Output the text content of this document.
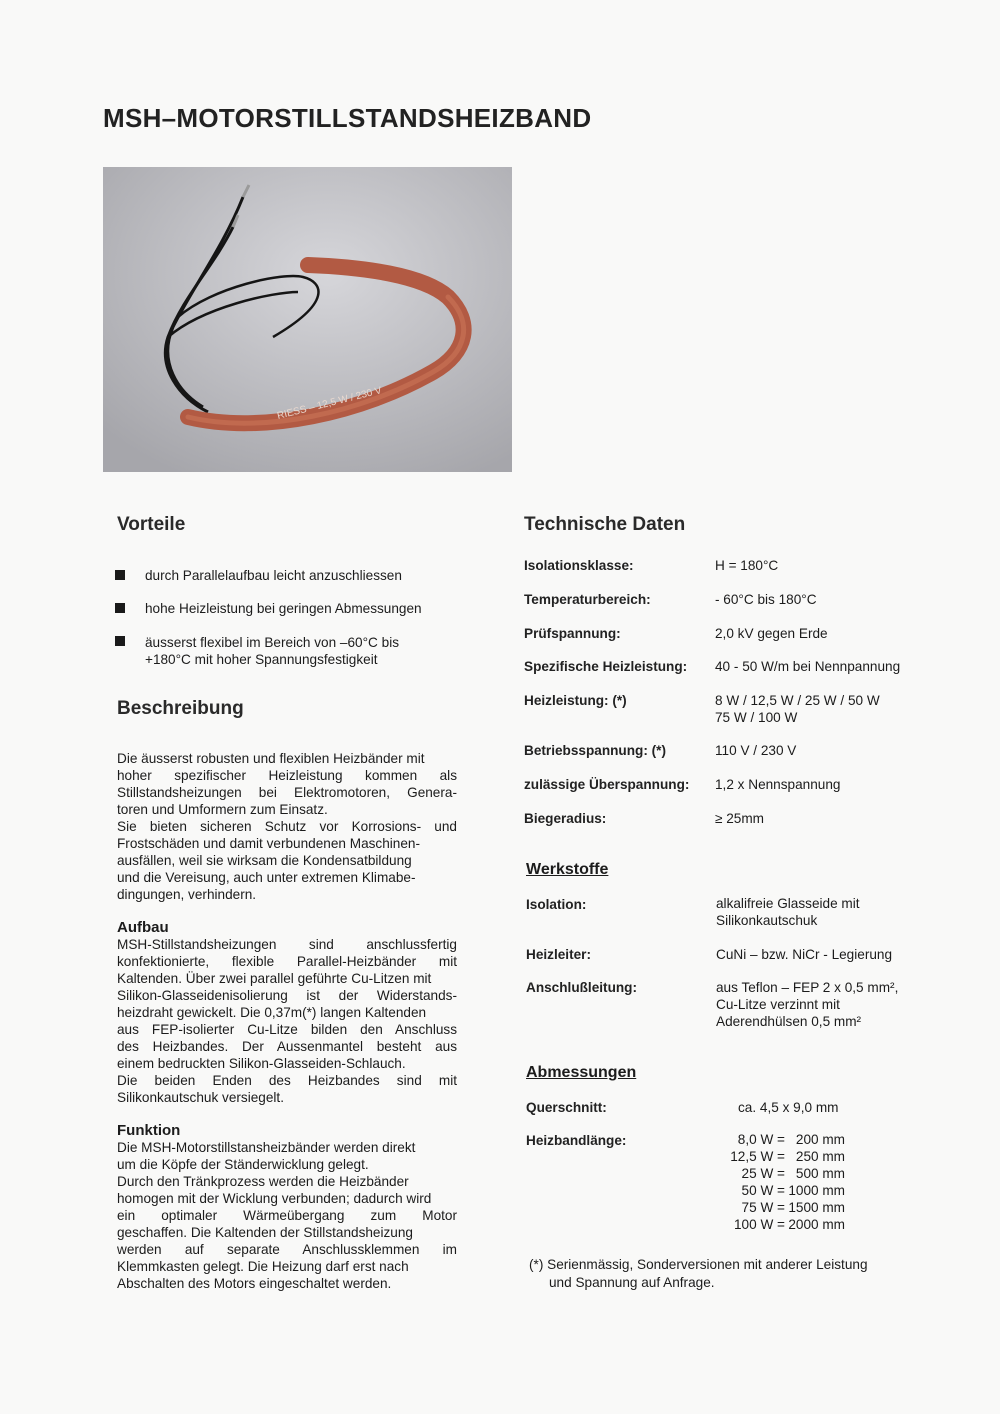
MSH–MOTORSTILLSTANDSHEIZBAND
RIESS – 12,5 W / 230 V
Vorteile
durch Parallelaufbau leicht anzuschliessen
hohe Heizleistung bei geringen Abmessungen
äusserst flexibel im Bereich von –60°C bis
+180°C mit hoher Spannungsfestigkeit
Beschreibung
Die äusserst robusten und flexiblen Heizbänder mit
hoher spezifischer Heizleistung kommen als
Stillstandsheizungen bei Elektromotoren, Genera-
toren und Umformern zum Einsatz.
Sie bieten sicheren Schutz vor Korrosions- und
Frostschäden und damit verbundenen Maschinen-
ausfällen, weil sie wirksam die Kondensatbildung
und die Vereisung, auch unter extremen Klimabe-
dingungen, verhindern.
Aufbau
MSH-Stillstandsheizungen sind anschlussfertig
konfektionierte, flexible Parallel-Heizbänder mit
Kaltenden. Über zwei parallel geführte Cu-Litzen mit
Silikon-Glasseidenisolierung ist der Widerstands-
heizdraht gewickelt. Die 0,37m(*) langen Kaltenden
aus FEP-isolierter Cu-Litze bilden den Anschluss
des Heizbandes. Der Aussenmantel besteht aus
einem bedruckten Silikon-Glasseiden-Schlauch.
Die beiden Enden des Heizbandes sind mit
Silikonkautschuk versiegelt.
Funktion
Die MSH-Motorstillstansheizbänder werden direkt
um die Köpfe der Ständerwicklung gelegt.
Durch den Tränkprozess werden die Heizbänder
homogen mit der Wicklung verbunden; dadurch wird
ein optimaler Wärmeübergang zum Motor
geschaffen. Die Kaltenden der Stillstandsheizung
werden auf separate Anschlussklemmen im
Klemmkasten gelegt. Die Heizung darf erst nach
Abschalten des Motors eingeschaltet werden.
Technische Daten
Isolationsklasse:	H = 180°C
Temperaturbereich:	- 60°C bis 180°C
Prüfspannung:	2,0 kV gegen Erde
Spezifische Heizleistung: 40 - 50 W/m bei Nennpannung
Heizleistung: (*)	8 W / 12,5 W / 25 W / 50 W
75 W / 100 W
Betriebsspannung: (*)	110 V / 230 V
zulässige Überspannung: 1,2 x Nennspannung
Biegeradius:	≥ 25mm
Werkstoffe
Isolation:	alkalifreie Glasseide mit
Silikonkautschuk
Heizleiter:	CuNi – bzw. NiCr - Legierung
Anschlußleitung:	aus Teflon – FEP 2 x 0,5 mm²,
Cu-Litze verzinnt mit
Aderendhülsen 0,5 mm²
Abmessungen
Querschnitt:	ca. 4,5 x 9,0 mm
Heizbandlänge:	8,0 W = 200 mm
12,5 W = 250 mm
25 W = 500 mm
50 W = 1000 mm
75 W = 1500 mm
100 W = 2000 mm
(*) Serienmässig, Sonderversionen mit anderer Leistung
und Spannung auf Anfrage.
